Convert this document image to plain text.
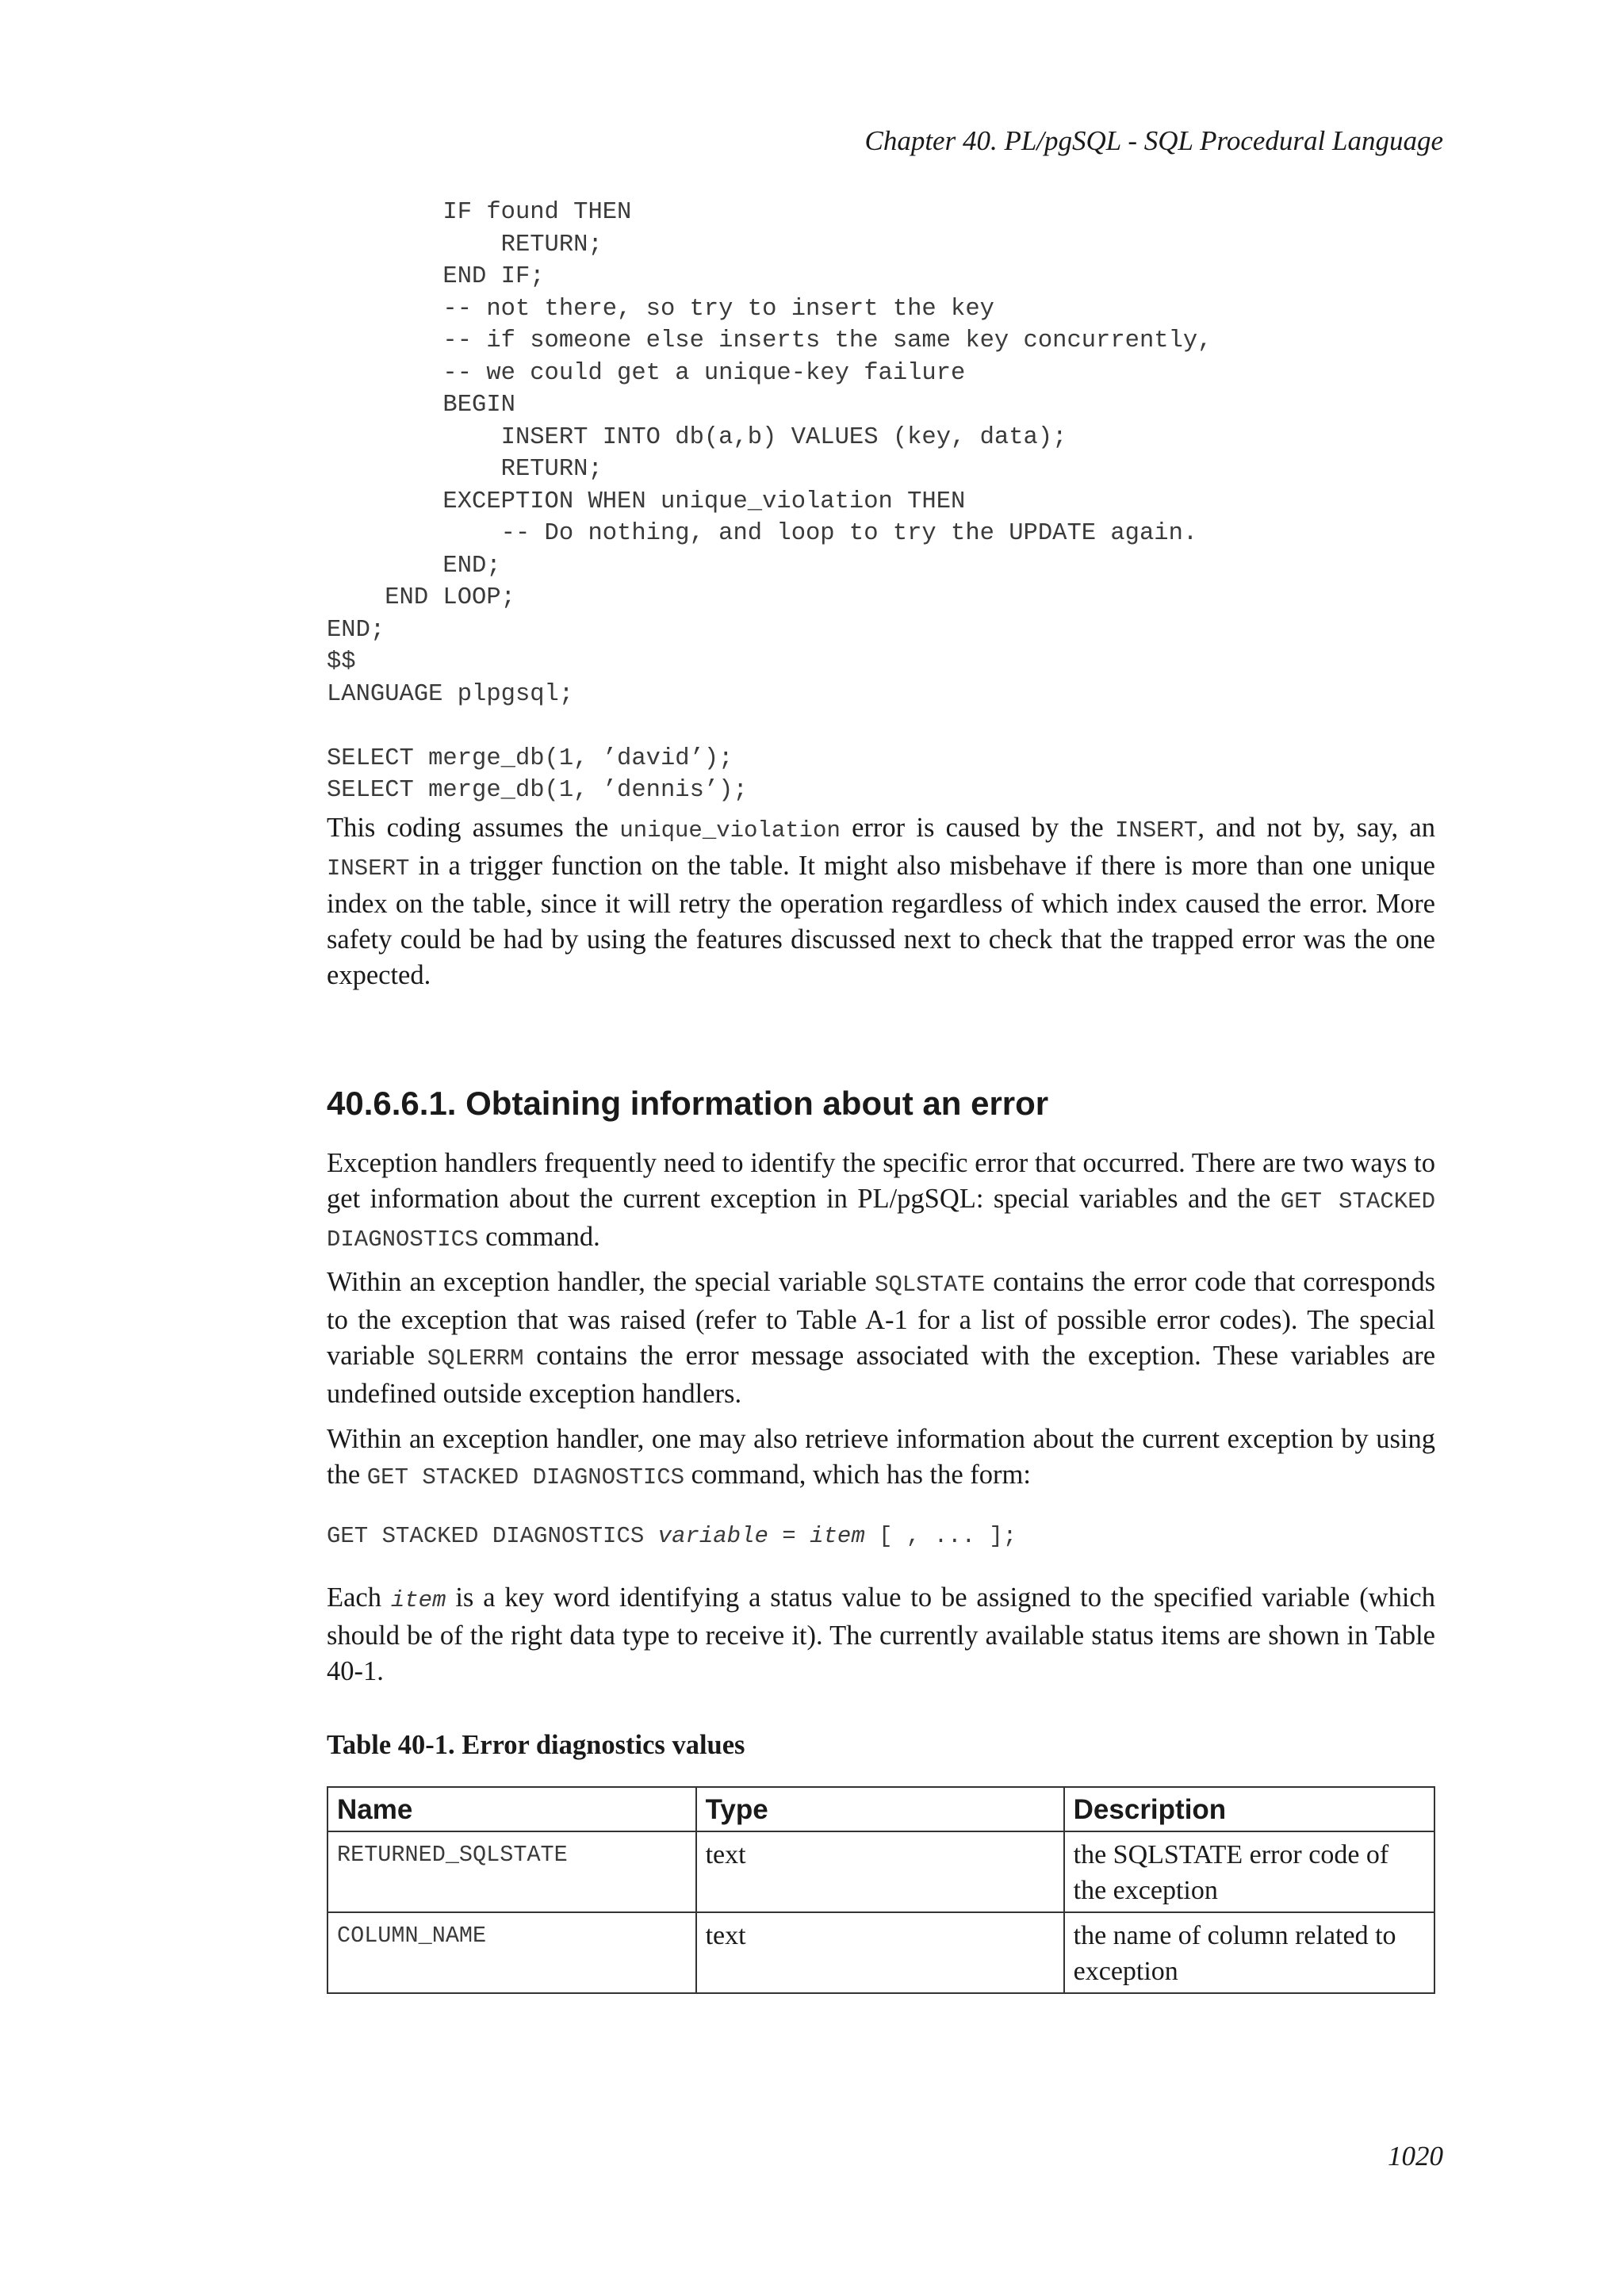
Chapter 40. PL/pgSQL - SQL Procedural Language
IF found THEN
RETURN;
END IF;
-- not there, so try to insert the key
-- if someone else inserts the same key concurrently,
-- we could get a unique-key failure
BEGIN
INSERT INTO db(a,b) VALUES (key, data);
RETURN;
EXCEPTION WHEN unique_violation THEN
-- Do nothing, and loop to try the UPDATE again.
END;
END LOOP;
END;
$$
LANGUAGE plpgsql;

SELECT merge_db(1, ’david’);
SELECT merge_db(1, ’dennis’);

This coding assumes the unique_violation error is caused by the INSERT, and not by, say, an INSERT in a trigger function on the table. It might also misbehave if there is more than one unique index on the table, since it will retry the operation regardless of which index caused the error. More safety could be had by using the features discussed next to check that the trapped error was the one expected.

40.6.6.1. Obtaining information about an error

Exception handlers frequently need to identify the specific error that occurred. There are two ways to get information about the current exception in PL/pgSQL: special variables and the GET STACKED DIAGNOSTICS command.

Within an exception handler, the special variable SQLSTATE contains the error code that corresponds to the exception that was raised (refer to Table A-1 for a list of possible error codes). The special variable SQLERRM contains the error message associated with the exception. These variables are undefined outside exception handlers.

Within an exception handler, one may also retrieve information about the current exception by using the GET STACKED DIAGNOSTICS command, which has the form:

GET STACKED DIAGNOSTICS variable = item [ , ... ];

Each item is a key word identifying a status value to be assigned to the specified variable (which should be of the right data type to receive it). The currently available status items are shown in Table 40-1.

Table 40-1. Error diagnostics values

Name	Type	Description
RETURNED_SQLSTATE	text	the SQLSTATE error code of the exception
COLUMN_NAME	text	the name of column related to exception
1020
